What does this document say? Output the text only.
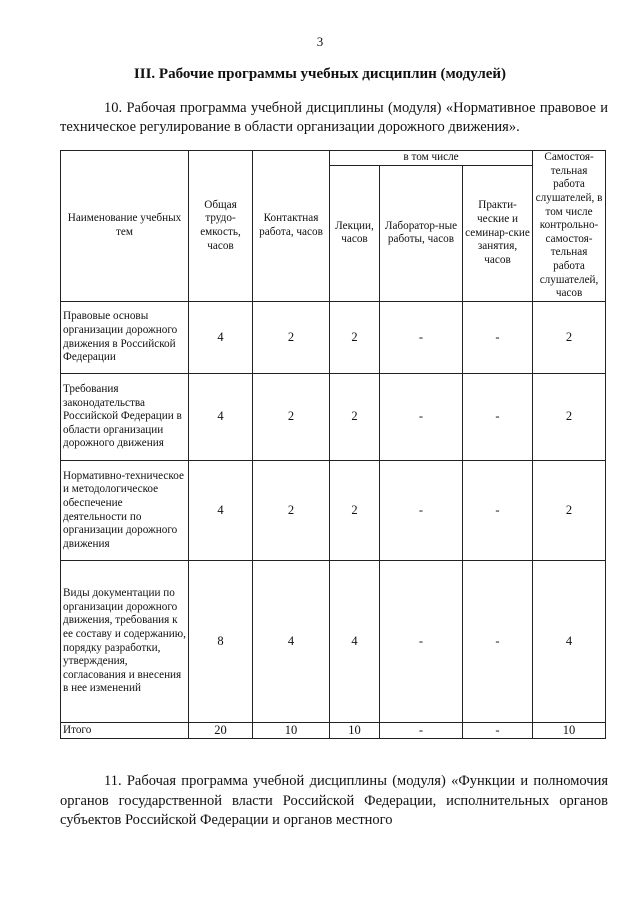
3
III. Рабочие программы учебных дисциплин (модулей)
10. Рабочая программа учебной дисциплины (модуля) «Нормативное правовое и техническое регулирование в области организации дорожного движения».
Наименование учебных тем	Общая трудо-емкость, часов	Контактная работа, часов	в том числе			Самостоя-тельная работа слушателей, в том числе контрольно-самостоя-тельная работа слушателей, часов
			Лекции, часов	Лаборатор-ные работы, часов	Практи-ческие и семинар-ские занятия, часов	
Правовые основы организации дорожного движения в Российской Федерации	4	2	2	-	-	2
Требования законодательства Российской Федерации в области организации дорожного движения	4	2	2	-	-	2
Нормативно-техническое и методологическое обеспечение деятельности по организации дорожного движения	4	2	2	-	-	2
Виды документации по организации дорожного движения, требования к ее составу и содержанию, порядку разработки, утверждения, согласования и внесения в нее изменений	8	4	4	-	-	4
Итого	20	10	10	-	-	10
11. Рабочая программа учебной дисциплины (модуля) «Функции и полномочия органов государственной власти Российской Федерации, исполнительных органов субъектов Российской Федерации и органов местного
